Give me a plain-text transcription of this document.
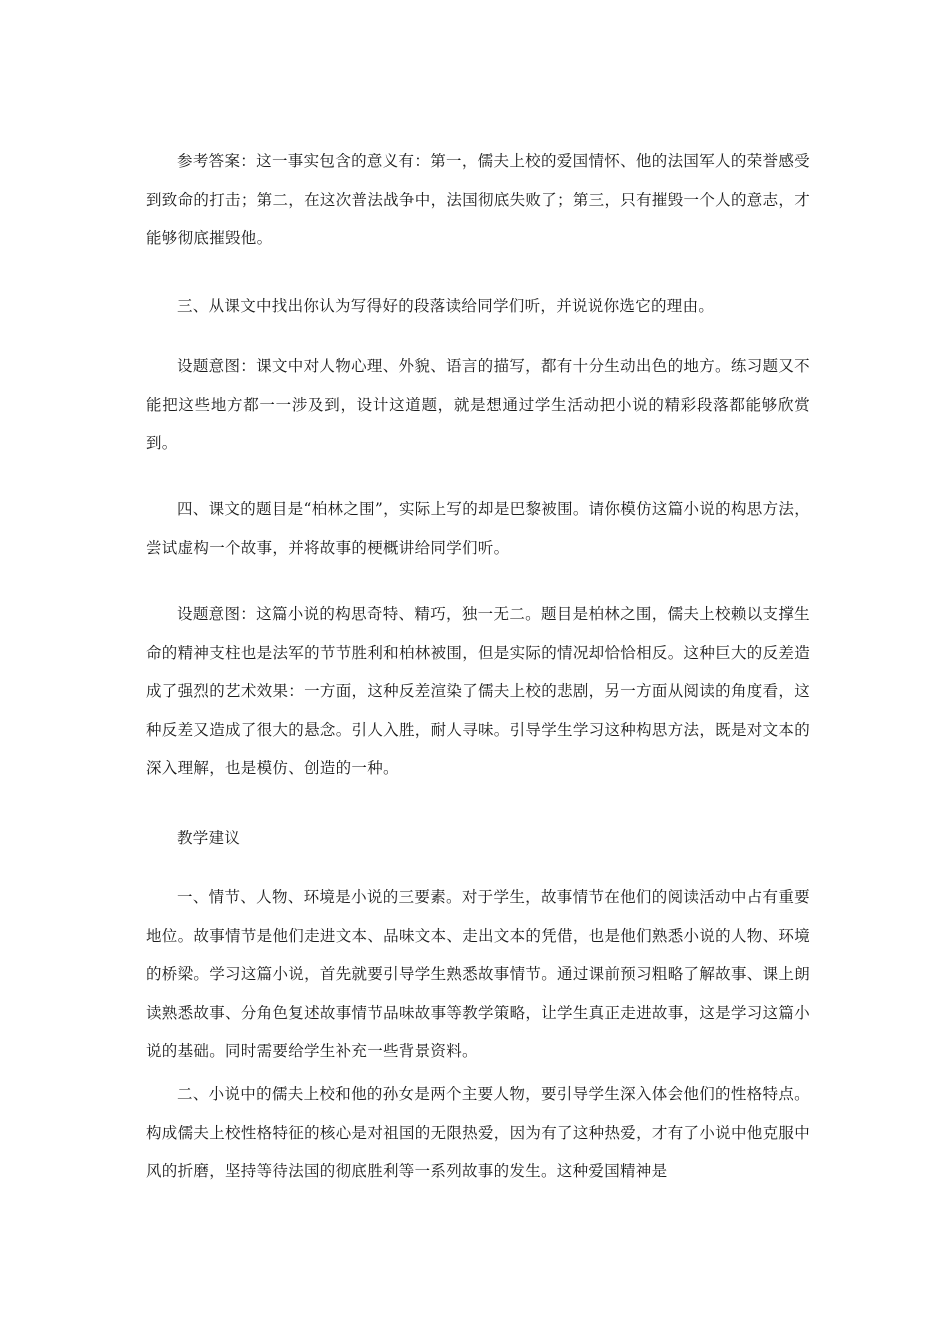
参考答案：这一事实包含的意义有：第一，儒夫上校的爱国情怀、他的法国军人的荣誉感受到致命的打击；第二，在这次普法战争中，法国彻底失败了；第三，只有摧毁一个人的意志，才能够彻底摧毁他。

三、从课文中找出你认为写得好的段落读给同学们听，并说说你选它的理由。

设题意图：课文中对人物心理、外貌、语言的描写，都有十分生动出色的地方。练习题又不能把这些地方都一一涉及到，设计这道题，就是想通过学生活动把小说的精彩段落都能够欣赏到。

四、课文的题目是“柏林之围”，实际上写的却是巴黎被围。请你模仿这篇小说的构思方法，尝试虚构一个故事，并将故事的梗概讲给同学们听。

设题意图：这篇小说的构思奇特、精巧，独一无二。题目是柏林之围，儒夫上校赖以支撑生命的精神支柱也是法军的节节胜利和柏林被围，但是实际的情况却恰恰相反。这种巨大的反差造成了强烈的艺术效果：一方面，这种反差渲染了儒夫上校的悲剧，另一方面从阅读的角度看，这种反差又造成了很大的悬念。引人入胜，耐人寻味。引导学生学习这种构思方法，既是对文本的深入理解，也是模仿、创造的一种。

教学建议

一、情节、人物、环境是小说的三要素。对于学生，故事情节在他们的阅读活动中占有重要地位。故事情节是他们走进文本、品味文本、走出文本的凭借，也是他们熟悉小说的人物、环境的桥梁。学习这篇小说，首先就要引导学生熟悉故事情节。通过课前预习粗略了解故事、课上朗读熟悉故事、分角色复述故事情节品味故事等教学策略，让学生真正走进故事，这是学习这篇小说的基础。同时需要给学生补充一些背景资料。

二、小说中的儒夫上校和他的孙女是两个主要人物，要引导学生深入体会他们的性格特点。构成儒夫上校性格特征的核心是对祖国的无限热爱，因为有了这种热爱，才有了小说中他克服中风的折磨，坚持等待法国的彻底胜利等一系列故事的发生。这种爱国精神是
